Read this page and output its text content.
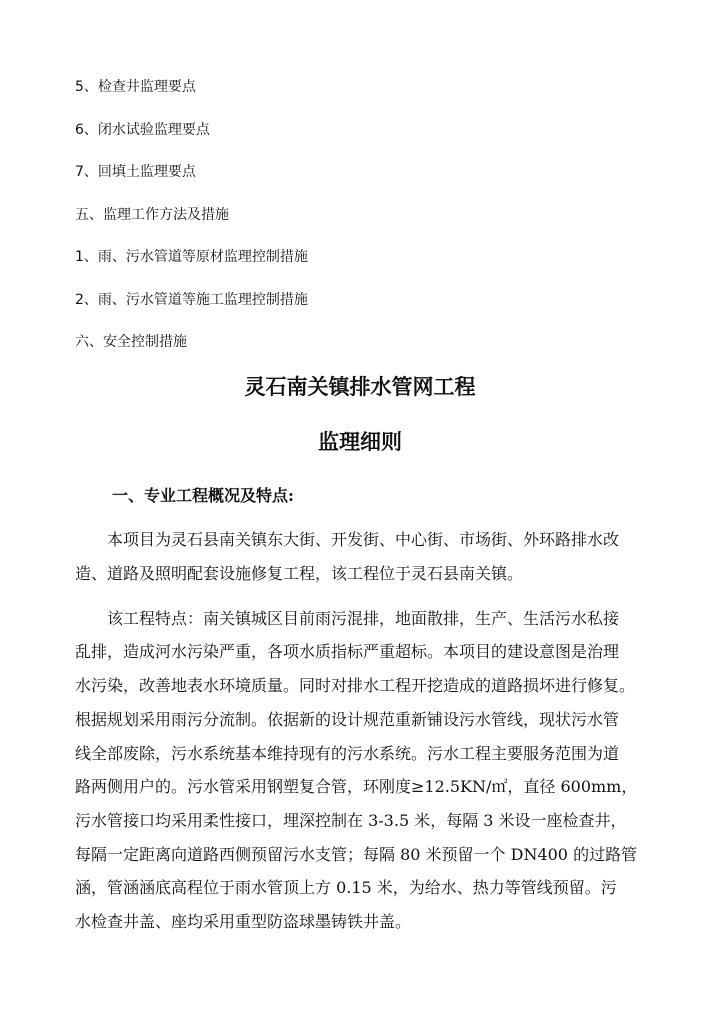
5、检查井监理要点
6、闭水试验监理要点
7、回填土监理要点
五、监理工作方法及措施
1、雨、污水管道等原材监理控制措施
2、雨、污水管道等施工监理控制措施
六、安全控制措施
灵石南关镇排水管网工程
监理细则
一、专业工程概况及特点:
本项目为灵石县南关镇东大街、开发街、中心街、市场街、外环路排水改
造、道路及照明配套设施修复工程，该工程位于灵石县南关镇。
该工程特点：南关镇城区目前雨污混排，地面散排，生产、生活污水私接
乱排，造成河水污染严重，各项水质指标严重超标。本项目的建设意图是治理
水污染，改善地表水环境质量。同时对排水工程开挖造成的道路损坏进行修复。
根据规划采用雨污分流制。依据新的设计规范重新铺设污水管线，现状污水管
线全部废除，污水系统基本维持现有的污水系统。污水工程主要服务范围为道
路两侧用户的。污水管采用钢塑复合管，环刚度≥12.5KN/㎡，直径 600mm，
污水管接口均采用柔性接口，埋深控制在 3-3.5 米，每隔 3 米设一座检查井，
每隔一定距离向道路西侧预留污水支管；每隔 80 米预留一个 DN400 的过路管
涵，管涵涵底高程位于雨水管顶上方 0.15 米，为给水、热力等管线预留。污
水检查井盖、座均采用重型防盗球墨铸铁井盖。
